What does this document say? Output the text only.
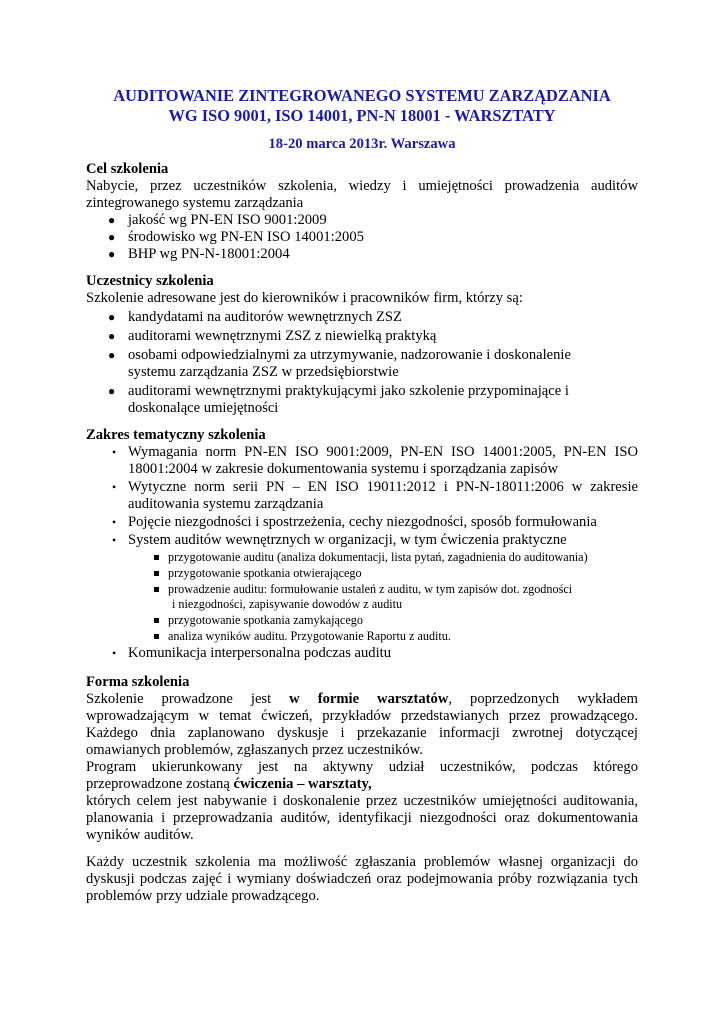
AUDITOWANIE ZINTEGROWANEGO SYSTEMU ZARZĄDZANIA
WG ISO 9001, ISO 14001, PN-N 18001 - WARSZTATY
18-20 marca 2013r. Warszawa

Cel szkolenia

Nabycie, przez uczestników szkolenia, wiedzy i umiejętności prowadzenia auditów zintegrowanego systemu zarządzania

● jakość wg PN-EN ISO 9001:2009
● środowisko wg PN-EN ISO 14001:2005
● BHP wg PN-N-18001:2004

Uczestnicy szkolenia

Szkolenie adresowane jest do kierowników i pracowników firm, którzy są:

● kandydatami na auditorów wewnętrznych ZSZ
● auditorami wewnętrznymi ZSZ z niewielką praktyką
● osobami odpowiedzialnymi za utrzymywanie, nadzorowanie i doskonalenie systemu zarządzania ZSZ w przedsiębiorstwie
● auditorami wewnętrznymi praktykującymi jako szkolenie przypominające i doskonalące umiejętności

Zakres tematyczny szkolenia

• Wymagania norm PN-EN ISO 9001:2009, PN-EN ISO 14001:2005, PN-EN ISO 18001:2004 w zakresie dokumentowania systemu i sporządzania zapisów
• Wytyczne norm serii PN – EN ISO 19011:2012 i PN-N-18011:2006 w zakresie auditowania systemu zarządzania
• Pojęcie niezgodności i spostrzeżenia, cechy niezgodności, sposób formułowania
• System auditów wewnętrznych w organizacji, w tym ćwiczenia praktyczne
przygotowanie auditu (analiza dokumentacji, lista pytań, zagadnienia do auditowania)
przygotowanie spotkania otwierającego
prowadzenie auditu: formułowanie ustaleń z auditu, w tym zapisów dot. zgodności
i niezgodności, zapisywanie dowodów z auditu
przygotowanie spotkania zamykającego
analiza wyników auditu. Przygotowanie Raportu z auditu.
• Komunikacja interpersonalna podczas auditu

Forma szkolenia

Szkolenie prowadzone jest w formie warsztatów, poprzedzonych wykładem wprowadzającym w temat ćwiczeń, przykładów przedstawianych przez prowadzącego. Każdego dnia zaplanowano dyskusje i przekazanie informacji zwrotnej dotyczącej omawianych problemów, zgłaszanych przez uczestników.

Program ukierunkowany jest na aktywny udział uczestników, podczas którego przeprowadzone zostaną ćwiczenia – warsztaty,

których celem jest nabywanie i doskonalenie przez uczestników umiejętności auditowania, planowania i przeprowadzania auditów, identyfikacji niezgodności oraz dokumentowania wyników auditów.

Każdy uczestnik szkolenia ma możliwość zgłaszania problemów własnej organizacji do dyskusji podczas zajęć i wymiany doświadczeń oraz podejmowania próby rozwiązania tych problemów przy udziale prowadzącego.
